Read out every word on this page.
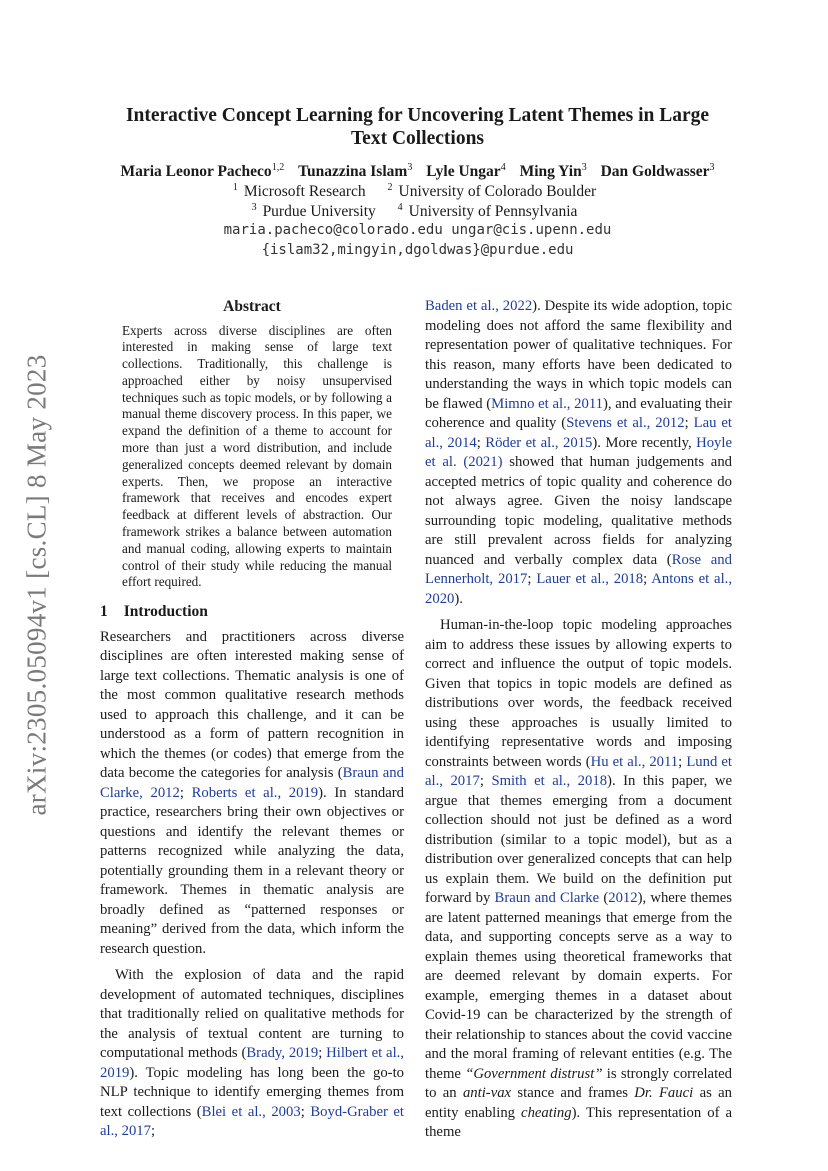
arXiv:2305.05094v1 [cs.CL] 8 May 2023
Interactive Concept Learning for Uncovering Latent Themes in Large
Text Collections
Maria Leonor Pacheco$^{1,2}$ Tunazzina Islam$^3$ Lyle Ungar$^4$ Ming Yin$^3$ Dan Goldwasser$^3$
$^1$ Microsoft Research $^2$ University of Colorado Boulder
$^3$ Purdue University $^4$ University of Pennsylvania
maria.pacheco@colorado.edu ungar@cis.upenn.edu
{islam32,mingyin,dgoldwas}@purdue.edu
Abstract
Experts across diverse disciplines are often interested in making sense of large text collections. Traditionally, this challenge is approached either by noisy unsupervised techniques such as topic models, or by following a manual theme discovery process. In this paper, we expand the definition of a theme to account for more than just a word distribution, and include generalized concepts deemed relevant by domain experts. Then, we propose an interactive framework that receives and encodes expert feedback at different levels of abstraction. Our framework strikes a balance between automation and manual coding, allowing experts to maintain control of their study while reducing the manual effort required.
1 Introduction

Researchers and practitioners across diverse disciplines are often interested making sense of large text collections. Thematic analysis is one of the most common qualitative research methods used to approach this challenge, and it can be understood as a form of pattern recognition in which the themes (or codes) that emerge from the data become the categories for analysis (Braun and Clarke, 2012; Roberts et al., 2019). In standard practice, researchers bring their own objectives or questions and identify the relevant themes or patterns recognized while analyzing the data, potentially grounding them in a relevant theory or framework. Themes in thematic analysis are broadly defined as “patterned responses or meaning” derived from the data, which inform the research question.

With the explosion of data and the rapid development of automated techniques, disciplines that traditionally relied on qualitative methods for the analysis of textual content are turning to computational methods (Brady, 2019; Hilbert et al., 2019). Topic modeling has long been the go-to NLP technique to identify emerging themes from text collections (Blei et al., 2003; Boyd-Graber et al., 2017;

Baden et al., 2022). Despite its wide adoption, topic modeling does not afford the same flexibility and representation power of qualitative techniques. For this reason, many efforts have been dedicated to understanding the ways in which topic models can be flawed (Mimno et al., 2011), and evaluating their coherence and quality (Stevens et al., 2012; Lau et al., 2014; Röder et al., 2015). More recently, Hoyle et al. (2021) showed that human judgements and accepted metrics of topic quality and coherence do not always agree. Given the noisy landscape surrounding topic modeling, qualitative methods are still prevalent across fields for analyzing nuanced and verbally complex data (Rose and Lennerholt, 2017; Lauer et al., 2018; Antons et al., 2020).

Human-in-the-loop topic modeling approaches aim to address these issues by allowing experts to correct and influence the output of topic models. Given that topics in topic models are defined as distributions over words, the feedback received using these approaches is usually limited to identifying representative words and imposing constraints between words (Hu et al., 2011; Lund et al., 2017; Smith et al., 2018). In this paper, we argue that themes emerging from a document collection should not just be defined as a word distribution (similar to a topic model), but as a distribution over generalized concepts that can help us explain them. We build on the definition put forward by Braun and Clarke (2012), where themes are latent patterned meanings that emerge from the data, and supporting concepts serve as a way to explain themes using theoretical frameworks that are deemed relevant by domain experts. For example, emerging themes in a dataset about Covid-19 can be characterized by the strength of their relationship to stances about the covid vaccine and the moral framing of relevant entities (e.g. The theme “Government distrust” is strongly correlated to an anti-vax stance and frames Dr. Fauci as an entity enabling cheating). This representation of a theme
